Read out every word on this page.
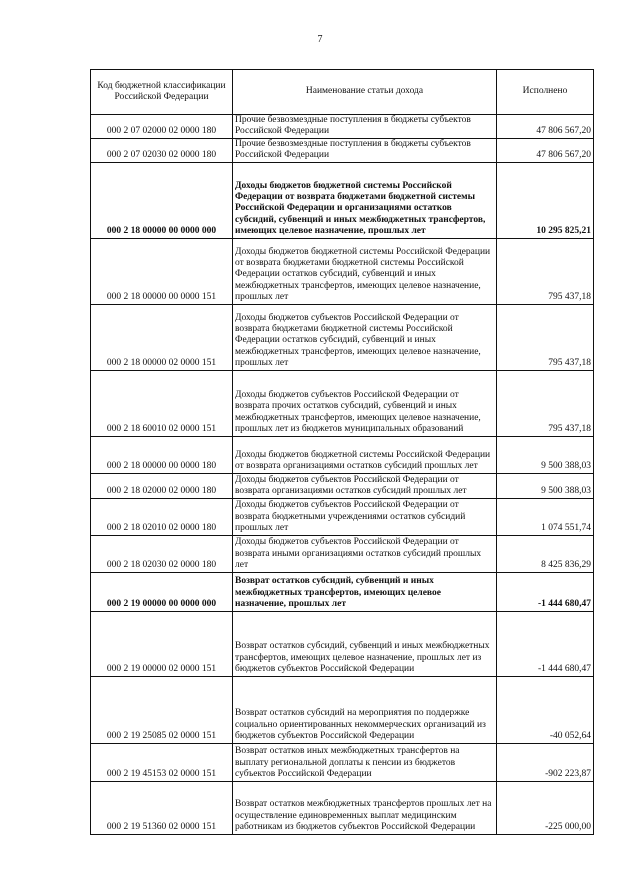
7
Код бюджетной классификации Российской Федерации	Наименование статьи дохода	Исполнено
000 2 07 02000 02 0000 180	Прочие безвозмездные поступления в бюджеты субъектов Российской Федерации	47 806 567,20
000 2 07 02030 02 0000 180	Прочие безвозмездные поступления в бюджеты субъектов Российской Федерации	47 806 567,20
000 2 18 00000 00 0000 000	Доходы бюджетов бюджетной системы Российской Федерации от возврата бюджетами бюджетной системы Российской Федерации и организациями остатков субсидий, субвенций и иных межбюджетных трансфертов, имеющих целевое назначение, прошлых лет	10 295 825,21
000 2 18 00000 00 0000 151	Доходы бюджетов бюджетной системы Российской Федерации от возврата бюджетами бюджетной системы Российской Федерации остатков субсидий, субвенций и иных межбюджетных трансфертов, имеющих целевое назначение, прошлых лет	795 437,18
000 2 18 00000 02 0000 151	Доходы бюджетов субъектов Российской Федерации от возврата бюджетами бюджетной системы Российской Федерации остатков субсидий, субвенций и иных межбюджетных трансфертов, имеющих целевое назначение, прошлых лет	795 437,18
000 2 18 60010 02 0000 151	Доходы бюджетов субъектов Российской Федерации от возврата прочих остатков субсидий, субвенций и иных межбюджетных трансфертов, имеющих целевое назначение, прошлых лет из бюджетов муниципальных образований	795 437,18
000 2 18 00000 00 0000 180	Доходы бюджетов бюджетной системы Российской Федерации от возврата организациями остатков субсидий прошлых лет	9 500 388,03
000 2 18 02000 02 0000 180	Доходы бюджетов субъектов Российской Федерации от возврата организациями остатков субсидий прошлых лет	9 500 388,03
000 2 18 02010 02 0000 180	Доходы бюджетов субъектов Российской Федерации от возврата бюджетными учреждениями остатков субсидий прошлых лет	1 074 551,74
000 2 18 02030 02 0000 180	Доходы бюджетов субъектов Российской Федерации от возврата иными организациями остатков субсидий прошлых лет	8 425 836,29
000 2 19 00000 00 0000 000	Возврат остатков субсидий, субвенций и иных межбюджетных трансфертов, имеющих целевое назначение, прошлых лет	-1 444 680,47
000 2 19 00000 02 0000 151	Возврат остатков субсидий, субвенций и иных межбюджетных трансфертов, имеющих целевое назначение, прошлых лет из бюджетов субъектов Российской Федерации	-1 444 680,47
000 2 19 25085 02 0000 151	Возврат остатков субсидий на мероприятия по поддержке социально ориентированных некоммерческих организаций из бюджетов субъектов Российской Федерации	-40 052,64
000 2 19 45153 02 0000 151	Возврат остатков иных межбюджетных трансфертов на выплату региональной доплаты к пенсии из бюджетов субъектов Российской Федерации	-902 223,87
000 2 19 51360 02 0000 151	Возврат остатков межбюджетных трансфертов прошлых лет на осуществление единовременных выплат медицинским работникам из бюджетов субъектов Российской Федерации	-225 000,00
